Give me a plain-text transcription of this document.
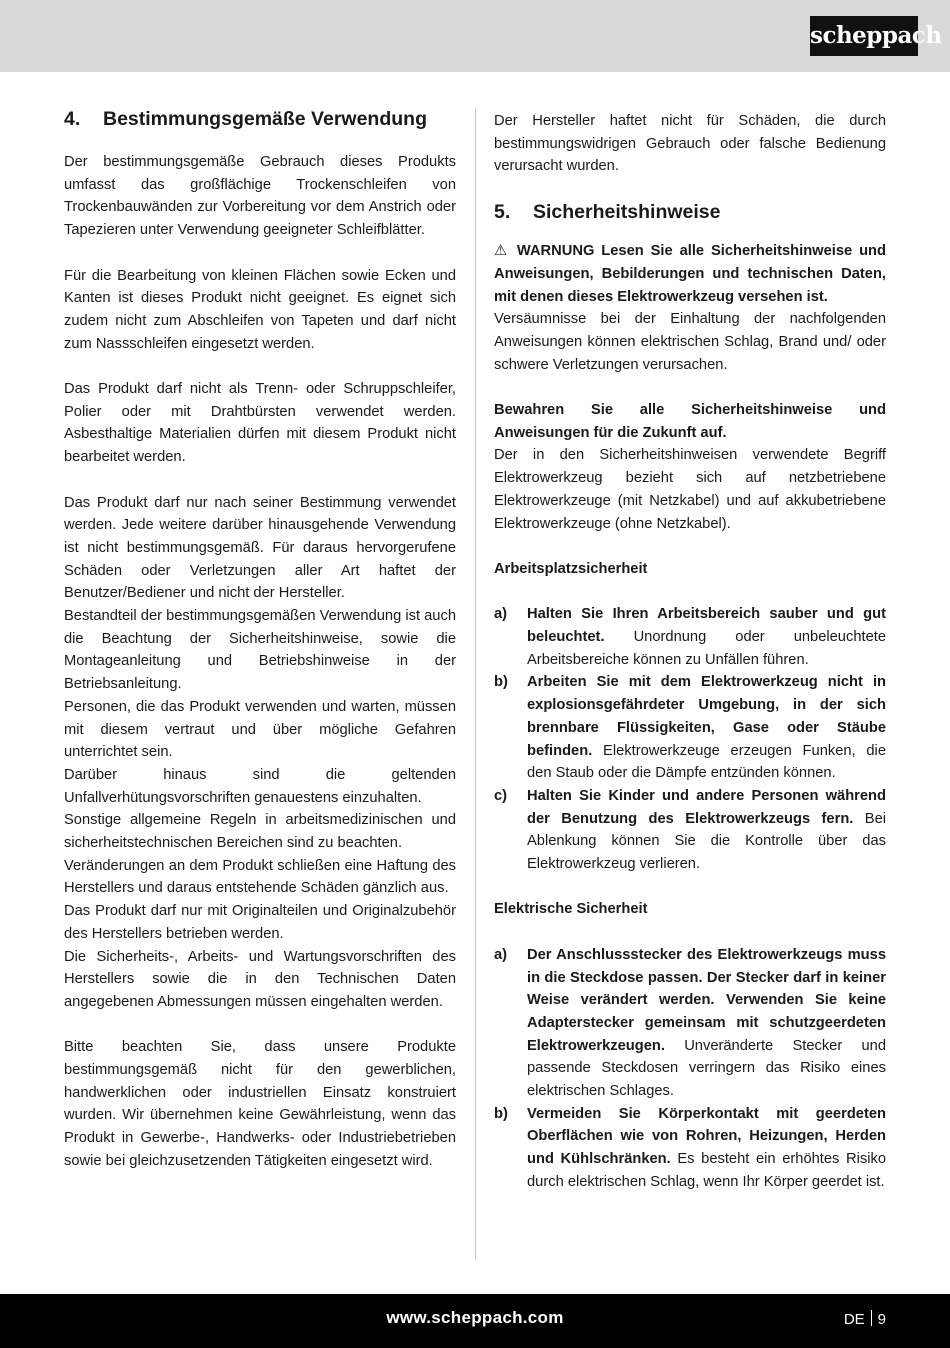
scheppach
4.	Bestimmungsgemäße Verwendung

Der bestimmungsgemäße Gebrauch dieses Produkts umfasst das großflächige Trockenschleifen von Trockenbauwänden zur Vorbereitung vor dem Anstrich oder Tapezieren unter Verwendung geeigneter Schleifblätter.

Für die Bearbeitung von kleinen Flächen sowie Ecken und Kanten ist dieses Produkt nicht geeignet. Es eignet sich zudem nicht zum Abschleifen von Tapeten und darf nicht zum Nassschleifen eingesetzt werden.

Das Produkt darf nicht als Trenn- oder Schruppschleifer, Polier oder mit Drahtbürsten verwendet werden. Asbesthaltige Materialien dürfen mit diesem Produkt nicht bearbeitet werden.

Das Produkt darf nur nach seiner Bestimmung verwendet werden. Jede weitere darüber hinausgehende Verwendung ist nicht bestimmungsgemäß. Für daraus hervorgerufene Schäden oder Verletzungen aller Art haftet der Benutzer/Bediener und nicht der Hersteller.

Bestandteil der bestimmungsgemäßen Verwendung ist auch die Beachtung der Sicherheitshinweise, sowie die Montageanleitung und Betriebshinweise in der Betriebsanleitung.

Personen, die das Produkt verwenden und warten, müssen mit diesem vertraut und über mögliche Gefahren unterrichtet sein.

Darüber hinaus sind die geltenden Unfallverhütungsvorschriften genauestens einzuhalten.

Sonstige allgemeine Regeln in arbeitsmedizinischen und sicherheitstechnischen Bereichen sind zu beachten.

Veränderungen an dem Produkt schließen eine Haftung des Herstellers und daraus entstehende Schäden gänzlich aus.

Das Produkt darf nur mit Originalteilen und Originalzubehör des Herstellers betrieben werden.

Die Sicherheits-, Arbeits- und Wartungsvorschriften des Herstellers sowie die in den Technischen Daten angegebenen Abmessungen müssen eingehalten werden.

Bitte beachten Sie, dass unsere Produkte bestimmungsgemäß nicht für den gewerblichen, handwerklichen oder industriellen Einsatz konstruiert wurden. Wir übernehmen keine Gewährleistung, wenn das Produkt in Gewerbe-, Handwerks- oder Industriebetrieben sowie bei gleichzusetzenden Tätigkeiten eingesetzt wird.

Der Hersteller haftet nicht für Schäden, die durch bestimmungswidrigen Gebrauch oder falsche Bedienung verursacht wurden.

5.	Sicherheitshinweise

⚠ WARNUNG Lesen Sie alle Sicherheitshinweise und Anweisungen, Bebilderungen und technischen Daten, mit denen dieses Elektrowerkzeug versehen ist.

Versäumnisse bei der Einhaltung der nachfolgenden Anweisungen können elektrischen Schlag, Brand und/ oder schwere Verletzungen verursachen.

Bewahren Sie alle Sicherheitshinweise und Anweisungen für die Zukunft auf.

Der in den Sicherheitshinweisen verwendete Begriff Elektrowerkzeug bezieht sich auf netzbetriebene Elektrowerkzeuge (mit Netzkabel) und auf akkubetriebene Elektrowerkzeuge (ohne Netzkabel).

Arbeitsplatzsicherheit

a)	Halten Sie Ihren Arbeitsbereich sauber und gut beleuchtet. Unordnung oder unbeleuchtete Arbeitsbereiche können zu Unfällen führen.

b)	Arbeiten Sie mit dem Elektrowerkzeug nicht in explosionsgefährdeter Umgebung, in der sich brennbare Flüssigkeiten, Gase oder Stäube befinden. Elektrowerkzeuge erzeugen Funken, die den Staub oder die Dämpfe entzünden können.

c)	Halten Sie Kinder und andere Personen während der Benutzung des Elektrowerkzeugs fern. Bei Ablenkung können Sie die Kontrolle über das Elektrowerkzeug verlieren.

Elektrische Sicherheit

a)	Der Anschlussstecker des Elektrowerkzeugs muss in die Steckdose passen. Der Stecker darf in keiner Weise verändert werden. Verwenden Sie keine Adapterstecker gemeinsam mit schutzgeerdeten Elektrowerkzeugen. Unveränderte Stecker und passende Steckdosen verringern das Risiko eines elektrischen Schlages.

b)	Vermeiden Sie Körperkontakt mit geerdeten Oberflächen wie von Rohren, Heizungen, Herden und Kühlschränken. Es besteht ein erhöhtes Risiko durch elektrischen Schlag, wenn Ihr Körper geerdet ist.

www.scheppach.com	DE 9
